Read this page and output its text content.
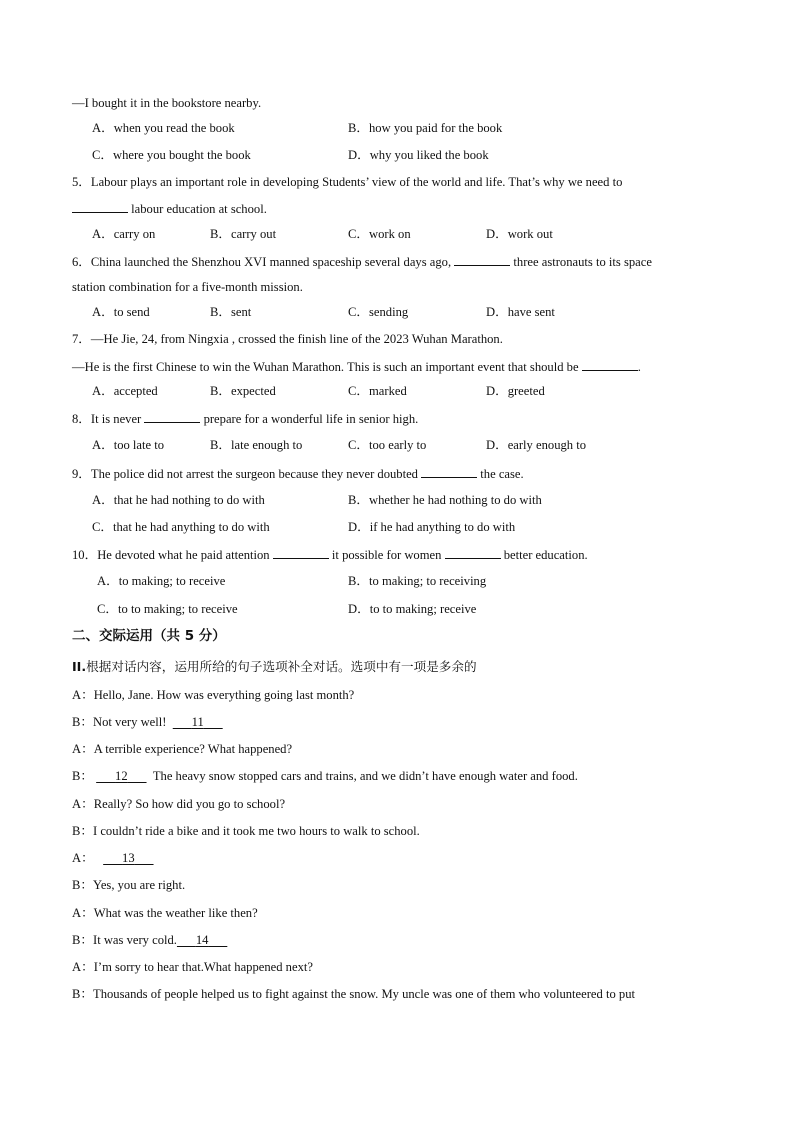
—I bought it in the bookstore nearby.
A．when you read the book	B．how you paid for the book
C．where you bought the book	D．why you liked the book
5．Labour plays an important role in developing Students’ view of the world and life. That’s why we need to
labour education at school.
A．carry on	B．carry out	C．work on	D．work out
6．China launched the Shenzhou XVI manned spaceship several days ago,	three astronauts to its space
station combination for a five-month mission.
A．to send	B．sent	C．sending	D．have sent
7．—He Jie, 24, from Ningxia , crossed the finish line of the 2023 Wuhan Marathon.
—He is the first Chinese to win the Wuhan Marathon. This is such an important event that should be	.
A．accepted	B．expected	C．marked	D．greeted
8．It is never	prepare for a wonderful life in senior high.
A．too late to	B．late enough to	C．too early to	D．early enough to
9．The police did not arrest the surgeon because they never doubted	the case.
A．that he had nothing to do with	B．whether he had nothing to do with
C．that he had anything to do with	D．if he had anything to do with
10．He devoted what he paid attention	it possible for women	better education.
A．to making; to receive	B．to making; to receiving
C．to to making; to receive	D．to to making; receive
二、交际运用（共 5 分）
II.根据对话内容，运用所给的句子选项补全对话。选项中有一项是多余的
A：Hello, Jane. How was everything going last month?
B：Not very well! 11
A：A terrible experience? What happened?
B： 12 The heavy snow stopped cars and trains, and we didn’t have enough water and food.
A：Really? So how did you go to school?
B：I couldn’t ride a bike and it took me two hours to walk to school.
A： 13
B：Yes, you are right.
A：What was the weather like then?
B：It was very cold. 14
A：I’m sorry to hear that.What happened next?
B：Thousands of people helped us to fight against the snow. My uncle was one of them who volunteered to put
